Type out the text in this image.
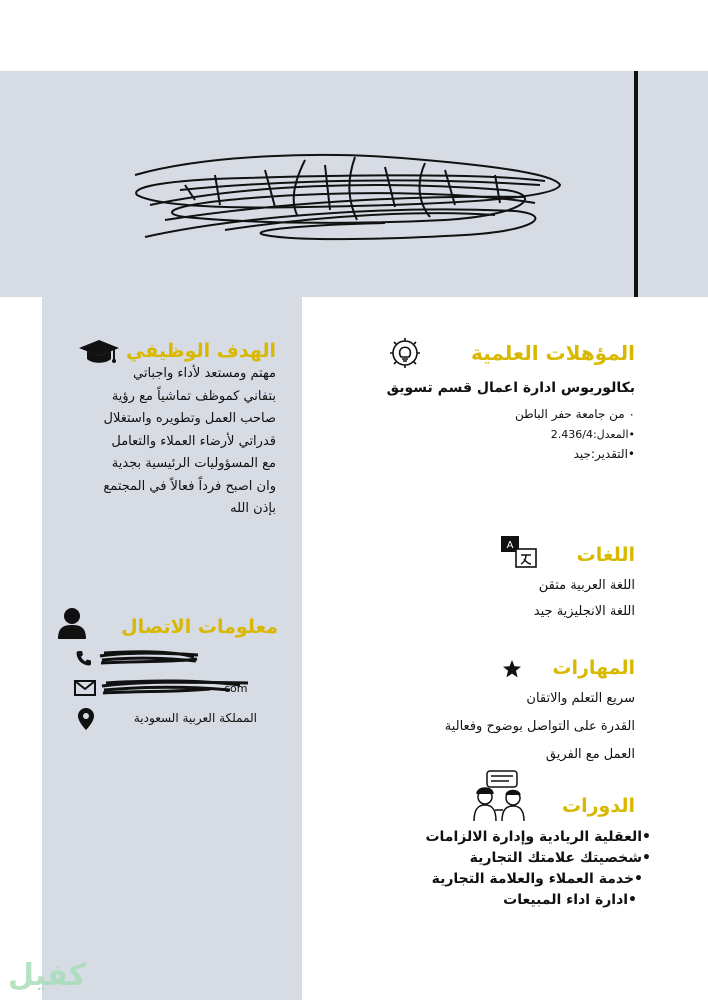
الهدف الوظيفي
مهتم ومستعد لأداء واجباتي
بتفاني كموظف تماشياً مع رؤية
صاحب العمل وتطويره واستغلال
قدراتي لأرضاء العملاء والتعامل
مع المسؤوليات الرئيسية بجدية
وان اصبح فرداً فعالاً في المجتمع
بإذن الله
معلومات الاتصال
com
المملكة العربية السعودية
المؤهلات العلمية
بكالوريوس ادارة اعمال قسم تسويق
٠ من جامعة حفر الباطن
•المعدل:2.436/4
•التقدير:جيد
اللغات
A
اللغة العربية متقن
اللغة الانجليزية جيد
المهارات
سريع التعلم والاتقان
القدرة على التواصل بوضوح وفعالية
العمل مع الفريق
الدورات
•العقلية الريادية وإدارة الالزامات
•شخصيتك علامتك التجارية
•خدمة العملاء والعلامة التجارية
•ادارة اداء المبيعات
كفيل
